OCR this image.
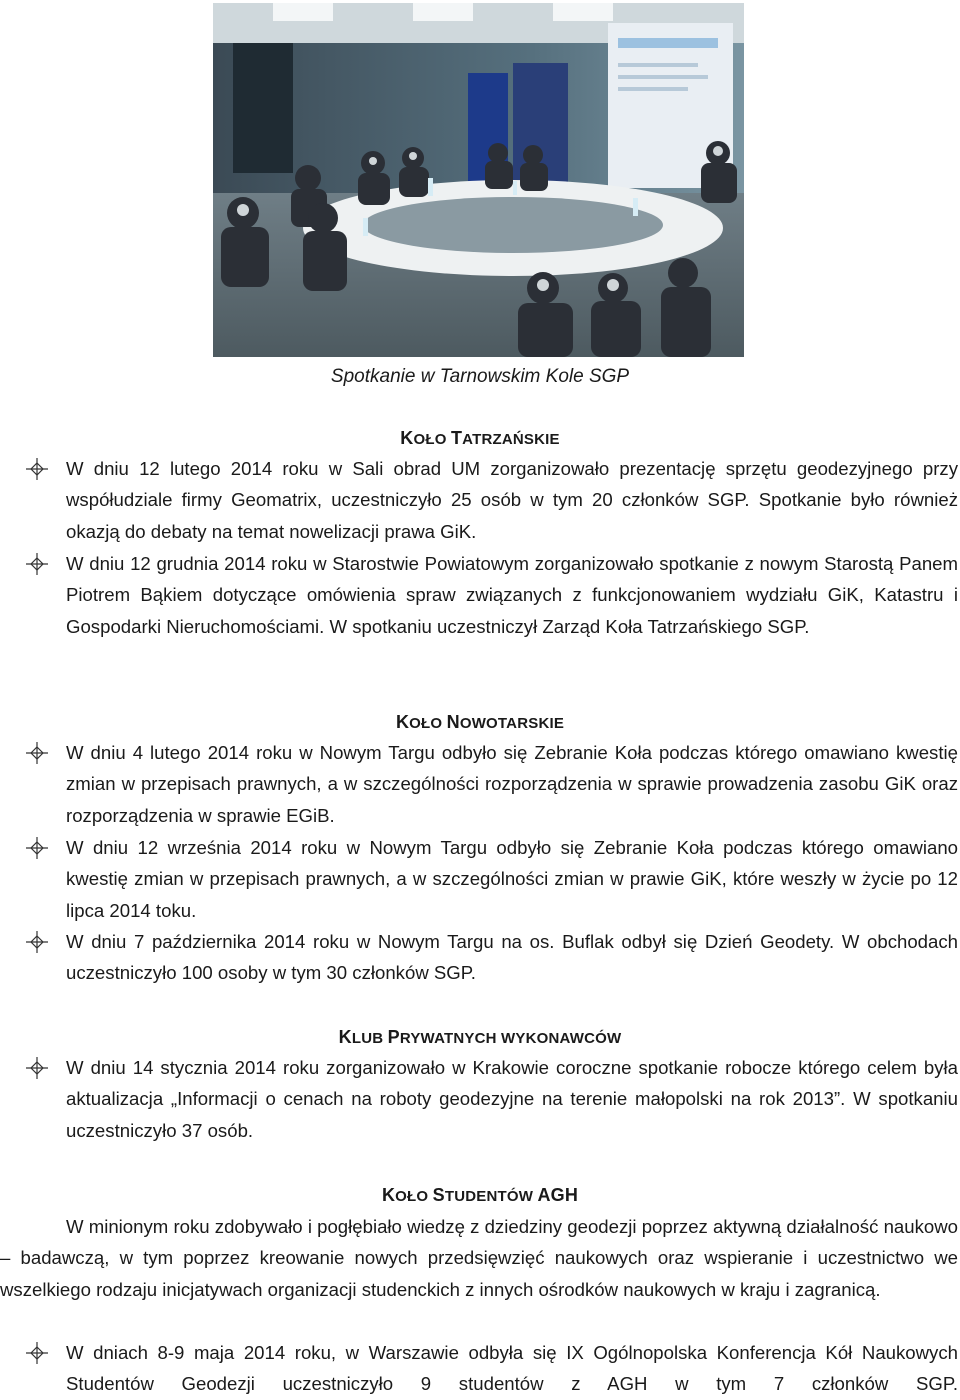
Spotkanie w Tarnowskim Kole SGP
KOŁO TATRZAŃSKIE
W dniu 12 lutego 2014 roku w Sali obrad UM zorganizowało prezentację sprzętu geodezyjnego przy współudziale firmy Geomatrix, uczestniczyło 25 osób w tym 20 członków SGP. Spotkanie było również okazją do debaty na temat nowelizacji prawa GiK.
W dniu 12 grudnia 2014 roku w Starostwie Powiatowym zorganizowało spotkanie z nowym Starostą Panem Piotrem Bąkiem dotyczące omówienia spraw związanych z funkcjonowaniem wydziału GiK, Katastru i Gospodarki Nieruchomościami. W spotkaniu uczestniczył Zarząd Koła Tatrzańskiego SGP.
KOŁO NOWOTARSKIE
W dniu 4 lutego 2014 roku w Nowym Targu odbyło się Zebranie Koła podczas którego omawiano kwestię zmian w przepisach prawnych, a w szczególności rozporządzenia w sprawie prowadzenia zasobu GiK oraz rozporządzenia w sprawie EGiB.
W dniu 12 września 2014 roku w Nowym Targu odbyło się Zebranie Koła podczas którego omawiano kwestię zmian w przepisach prawnych, a w szczególności zmian w prawie GiK, które weszły w życie po 12 lipca 2014 toku.
W dniu 7 października 2014 roku w Nowym Targu na os. Buflak odbył się Dzień Geodety. W obchodach uczestniczyło 100 osoby w tym 30 członków SGP.
KLUB PRYWATNYCH WYKONAWCÓW
W dniu 14 stycznia 2014 roku zorganizowało w Krakowie coroczne spotkanie robocze którego celem była aktualizacja „Informacji o cenach na roboty geodezyjne na terenie małopolski na rok 2013”. W spotkaniu uczestniczyło 37 osób.
KOŁO STUDENTÓW AGH
W minionym roku zdobywało i pogłębiało wiedzę z dziedziny geodezji poprzez aktywną działalność naukowo – badawczą, w tym poprzez kreowanie nowych przedsięwzięć naukowych oraz wspieranie i uczestnictwo we wszelkiego rodzaju inicjatywach organizacji studenckich z innych ośrodków naukowych w kraju i zagranicą.
W dniach 8-9 maja 2014 roku, w Warszawie odbyła się IX Ogólnopolska Konferencja Kół Naukowych Studentów Geodezji uczestniczyło 9 studentów z AGH w tym 7 członków SGP.
